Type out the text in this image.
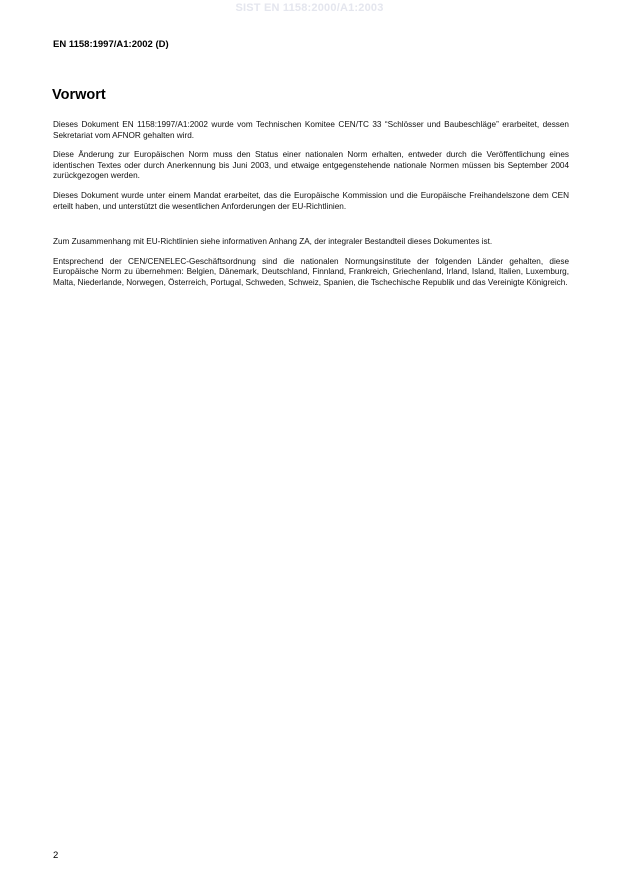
SIST EN 1158:2000/A1:2003
EN 1158:1997/A1:2002 (D)
Vorwort

Dieses Dokument EN 1158:1997/A1:2002 wurde vom Technischen Komitee CEN/TC 33 “Schlösser und Baubeschläge” erarbeitet, dessen Sekretariat vom AFNOR gehalten wird.

Diese Änderung zur Europäischen Norm muss den Status einer nationalen Norm erhalten, entweder durch die Veröffentlichung eines identischen Textes oder durch Anerkennung bis Juni 2003, und etwaige entgegenstehende nationale Normen müssen bis September 2004 zurückgezogen werden.

Dieses Dokument wurde unter einem Mandat erarbeitet, das die Europäische Kommission und die Europäische Freihandelszone dem CEN erteilt haben, und unterstützt die wesentlichen Anforderungen der EU-Richtlinien.

Zum Zusammenhang mit EU-Richtlinien siehe informativen Anhang ZA, der integraler Bestandteil dieses Dokumentes ist.

Entsprechend der CEN/CENELEC-Geschäftsordnung sind die nationalen Normungsinstitute der folgenden Länder gehalten, diese Europäische Norm zu übernehmen: Belgien, Dänemark, Deutschland, Finnland, Frankreich, Griechenland, Irland, Island, Italien, Luxemburg, Malta, Niederlande, Norwegen, Österreich, Portugal, Schweden, Schweiz, Spanien, die Tschechische Republik und das Vereinigte Königreich.

2
